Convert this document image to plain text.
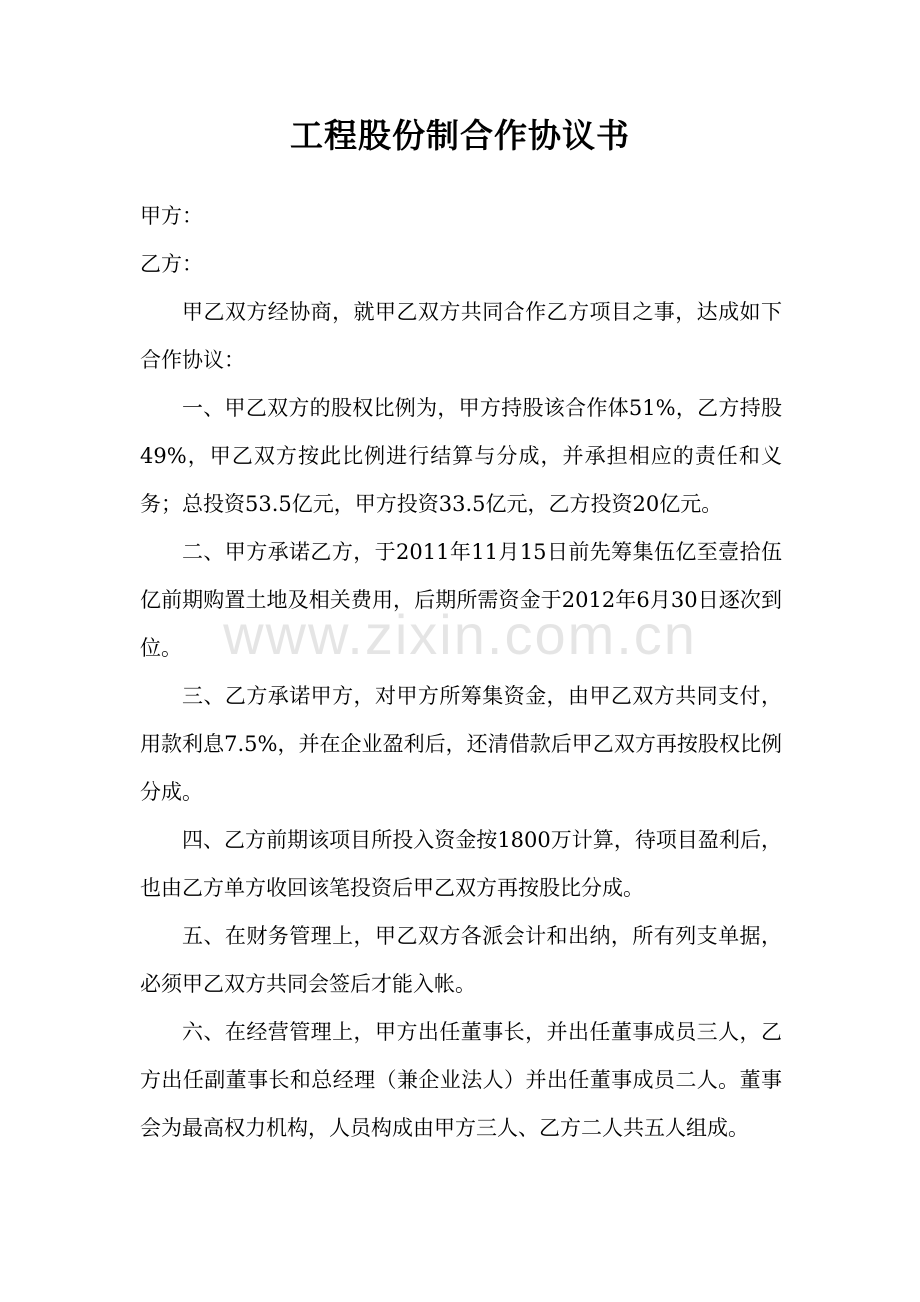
工程股份制合作协议书

甲方：

乙方：

甲乙双方经协商，就甲乙双方共同合作乙方项目之事，达成如下合作协议：

一、甲乙双方的股权比例为，甲方持股该合作体51%，乙方持股49%，甲乙双方按此比例进行结算与分成，并承担相应的责任和义务；总投资53.5亿元，甲方投资33.5亿元，乙方投资20亿元。

二、甲方承诺乙方，于2011年11月15日前先筹集伍亿至壹拾伍亿前期购置土地及相关费用，后期所需资金于2012年6月30日逐次到位。

三、乙方承诺甲方，对甲方所筹集资金，由甲乙双方共同支付，用款利息7.5%，并在企业盈利后，还清借款后甲乙双方再按股权比例分成。

四、乙方前期该项目所投入资金按1800万计算，待项目盈利后，也由乙方单方收回该笔投资后甲乙双方再按股比分成。

五、在财务管理上，甲乙双方各派会计和出纳，所有列支单据，必须甲乙双方共同会签后才能入帐。

六、在经营管理上，甲方出任董事长，并出任董事成员三人，乙方出任副董事长和总经理（兼企业法人）并出任董事成员二人。董事会为最高权力机构，人员构成由甲方三人、乙方二人共五人组成。

www.zixin.com.cn
